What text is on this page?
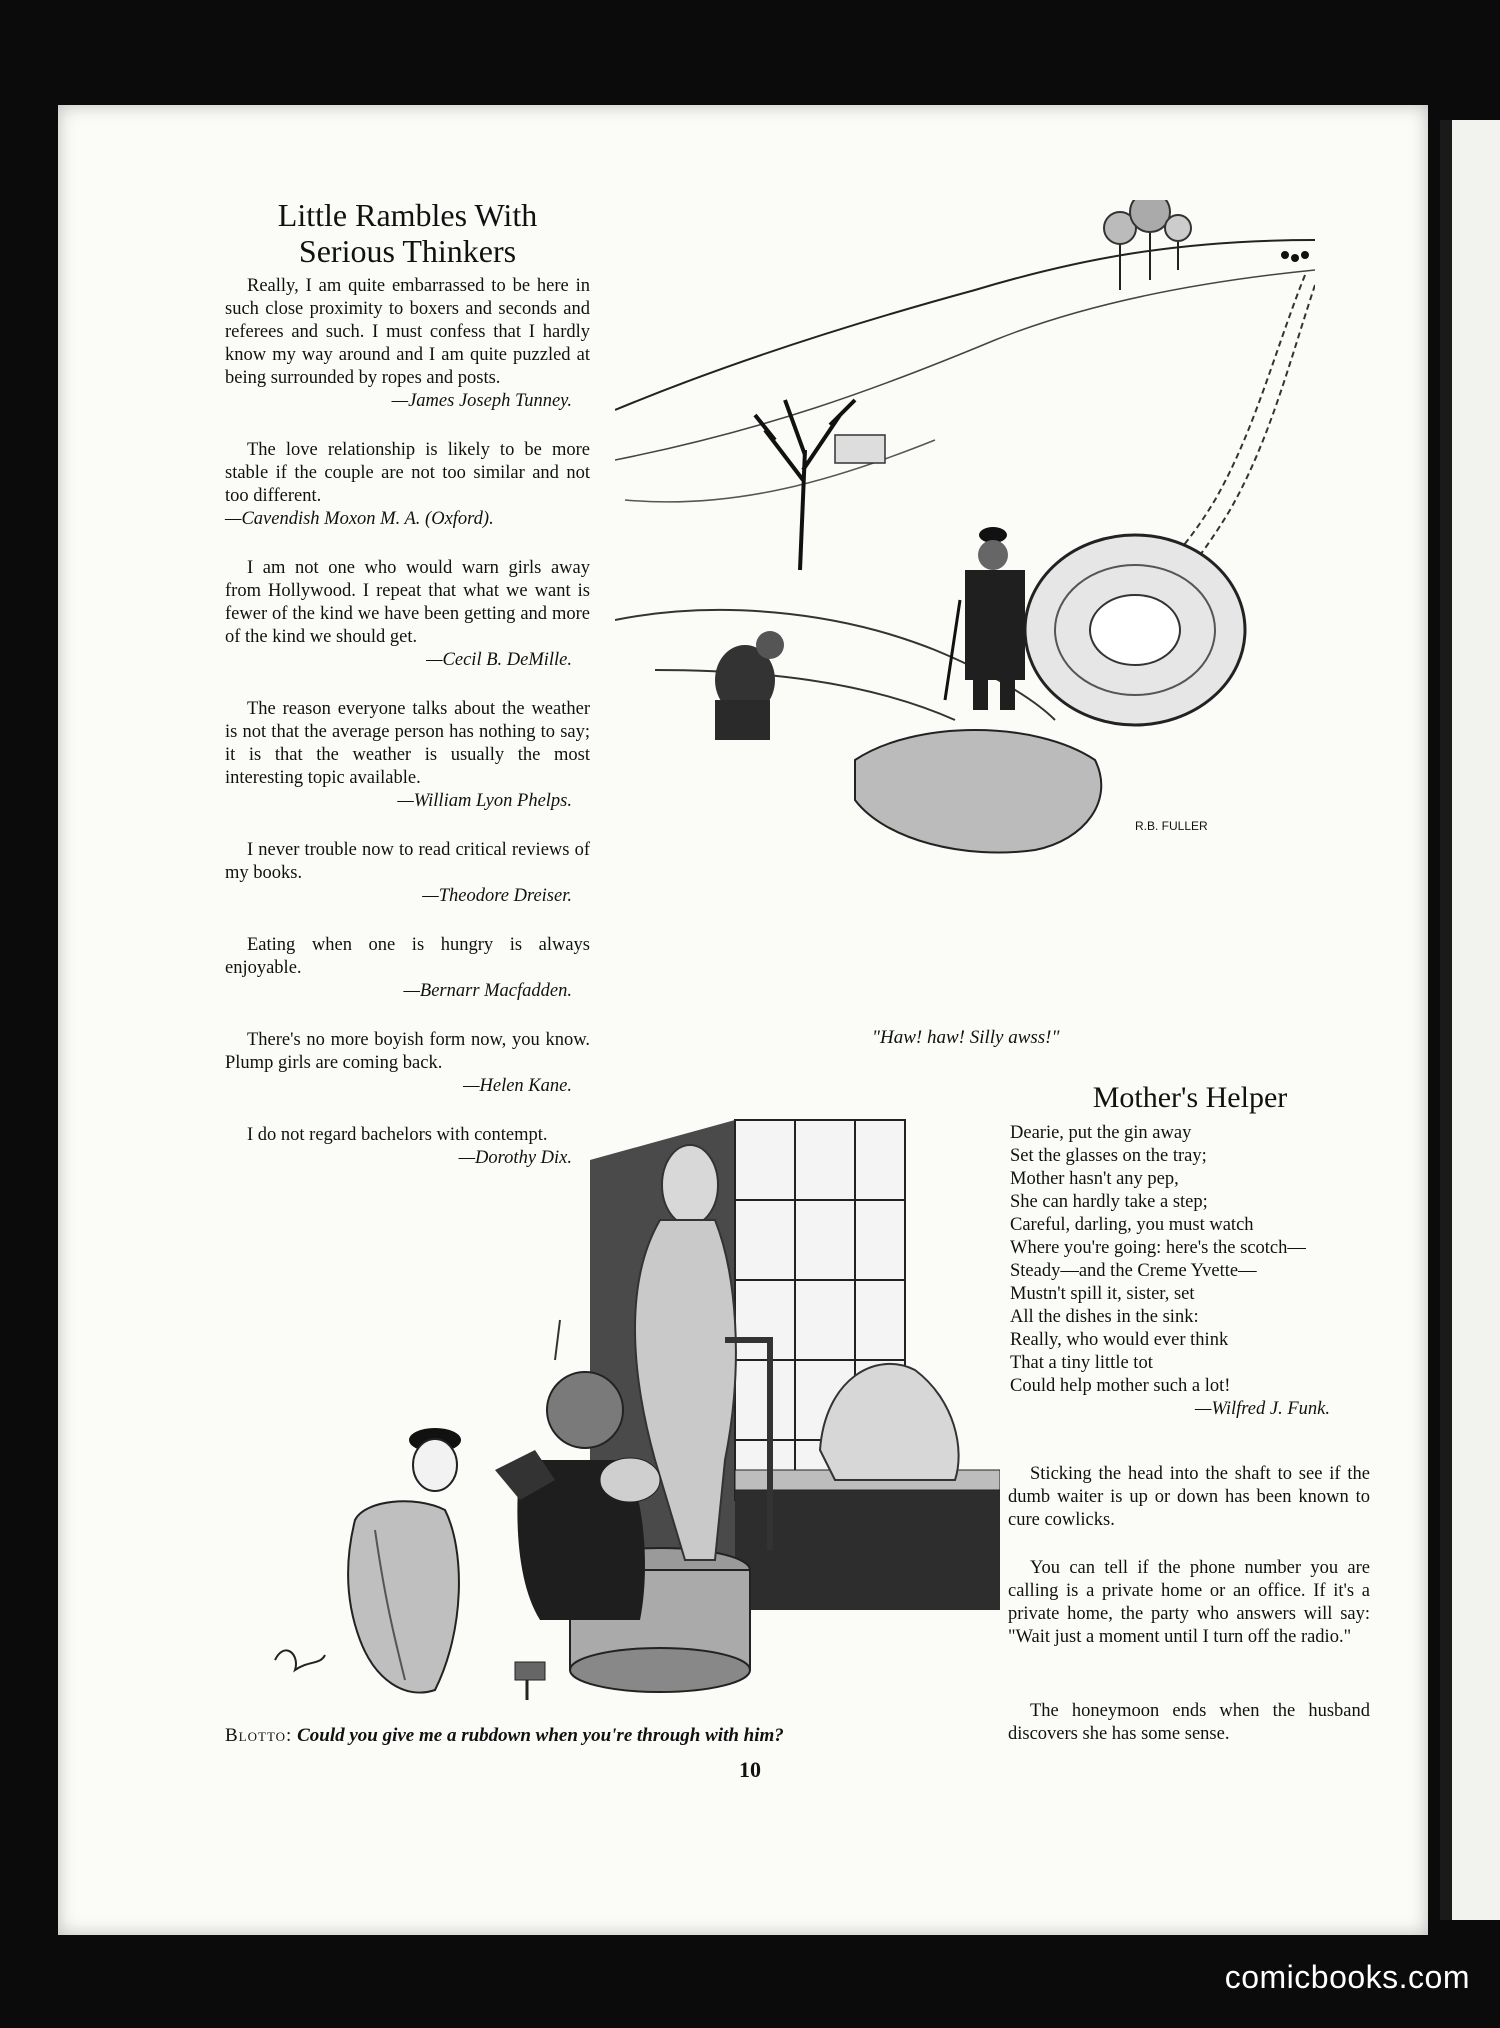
Little Rambles With
Serious Thinkers

Really, I am quite embarrassed to be here in such close proximity to boxers and seconds and referees and such. I must confess that I hardly know my way around and I am quite puzzled at being surrounded by ropes and posts.

—James Joseph Tunney.

The love relationship is likely to be more stable if the couple are not too similar and not too different.

—Cavendish Moxon M. A. (Oxford).

I am not one who would warn girls away from Hollywood. I repeat that what we want is fewer of the kind we have been getting and more of the kind we should get.

—Cecil B. DeMille.

The reason everyone talks about the weather is not that the average person has nothing to say; it is that the weather is usually the most interesting topic available.

—William Lyon Phelps.

I never trouble now to read critical reviews of my books.

—Theodore Dreiser.

Eating when one is hungry is always enjoyable.

—Bernarr Macfadden.

There's no more boyish form now, you know. Plump girls are coming back.

—Helen Kane.

I do not regard bachelors with contempt.

—Dorothy Dix.

R.B. FULLER

"Haw! haw! Silly awss!"

Mother's Helper

Dearie, put the gin away

Set the glasses on the tray;

Mother hasn't any pep,

She can hardly take a step;

Careful, darling, you must watch

Where you're going: here's the scotch—

Steady—and the Creme Yvette—

Mustn't spill it, sister, set

All the dishes in the sink:

Really, who would ever think

That a tiny little tot

Could help mother such a lot!

—Wilfred J. Funk.

Sticking the head into the shaft to see if the dumb waiter is up or down has been known to cure cowlicks.

You can tell if the phone number you are calling is a private home or an office. If it's a private home, the party who answers will say: "Wait just a moment until I turn off the radio."

The honeymoon ends when the husband discovers she has some sense.

Blotto: Could you give me a rubdown when you're through with him?

10
comicbooks.com
